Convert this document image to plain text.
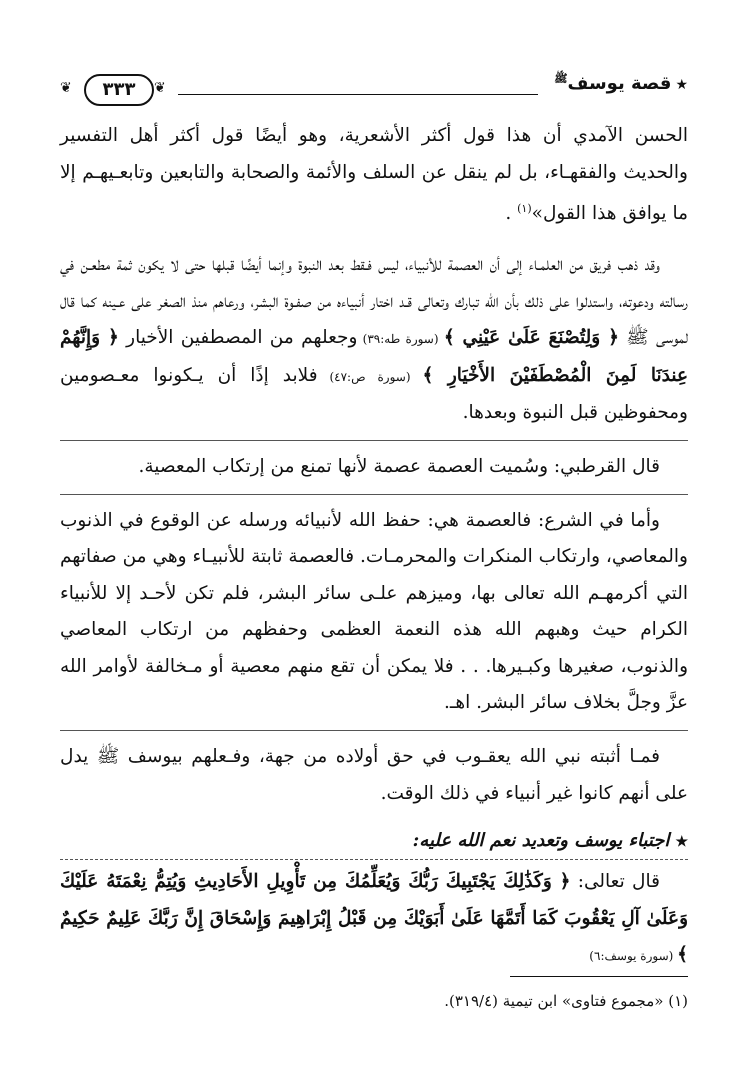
★قصة يوسف$^ﷺ$
❦	٣٣٣	❦

الحسن الآمدي أن هذا قول أكثر الأشعرية، وهو أيضًا قول أكثر أهل التفسير والحديث والفقهـاء، بل لم ينقل عن السلف والأئمة والصحابة والتابعين وتابعـيهـم إلا ما يوافق هذا القول»$^{(١)}$ .

وقد ذهب فريق من العلمـاء إلى أن العصمة للأنبياء، ليس فـقط بعد النبوة وإنما أيضًا قبلها حتى لا يكون ثمة مطعـن في رسالته ودعوته، واستدلوا على ذلك بأن الله تبارك وتعالى قـد اختار أنبياءه من صفـوة البشر، ورعاهم منذ الصغر على عـينه كما قال لموسى ﷺ ﴿ وَلِتُصْنَعَ عَلَىٰ عَيْنِي ﴾ (سورة طه:٣٩) وجعلهم من المصطفين الأخيار ﴿ وَإِنَّهُمْ عِندَنَا لَمِنَ الْمُصْطَفَيْنَ الأَخْيَارِ ﴾ (سورة ص:٤٧) فلابد إذًا أن يـكونوا معـصومين ومحفوظين قبل النبوة وبعدها.

قال القرطبي: وسُميت العصمة عصمة لأنها تمنع من إرتكاب المعصية.

وأما في الشرع: فالعصمة هي: حفظ الله لأنبيائه ورسله عن الوقوع في الذنوب والمعاصي، وارتكاب المنكرات والمحرمـات. فالعصمة ثابتة للأنبيـاء وهي من صفاتهم التي أكرمهـم الله تعالى بها، وميزهم علـى سائر البشر، فلم تكن لأحـد إلا للأنبياء الكرام حيث وهبهم الله هذه النعمة العظمى وحفظهم من ارتكاب المعاصي والذنوب، صغيرها وكبـيرها. . . فلا يمكن أن تقع منهم معصية أو مـخالفة لأوامر الله عزَّ وجلَّ بخلاف سائر البشر. اهـ.

فمـا أثبته نبي الله يعقـوب في حق أولاده من جهة، وفـعلهم بيوسف ﷺ يدل على أنهم كانوا غير أنبياء في ذلك الوقت.

★اجتباء يوسف وتعديد نعم الله عليه:

قال تعالى: ﴿ وَكَذَٰلِكَ يَجْتَبِيكَ رَبُّكَ وَيُعَلِّمُكَ مِن تَأْوِيلِ الأَحَادِيثِ وَيُتِمُّ نِعْمَتَهُ عَلَيْكَ وَعَلَىٰ آلِ يَعْقُوبَ كَمَا أَتَمَّهَا عَلَىٰ أَبَوَيْكَ مِن قَبْلُ إِبْرَاهِيمَ وَإِسْحَاقَ إِنَّ رَبَّكَ عَلِيمٌ حَكِيمٌ ﴾ (سورة يوسف:٦)

(١) «مجموع فتاوى» ابن تيمية (٣١٩/٤).
